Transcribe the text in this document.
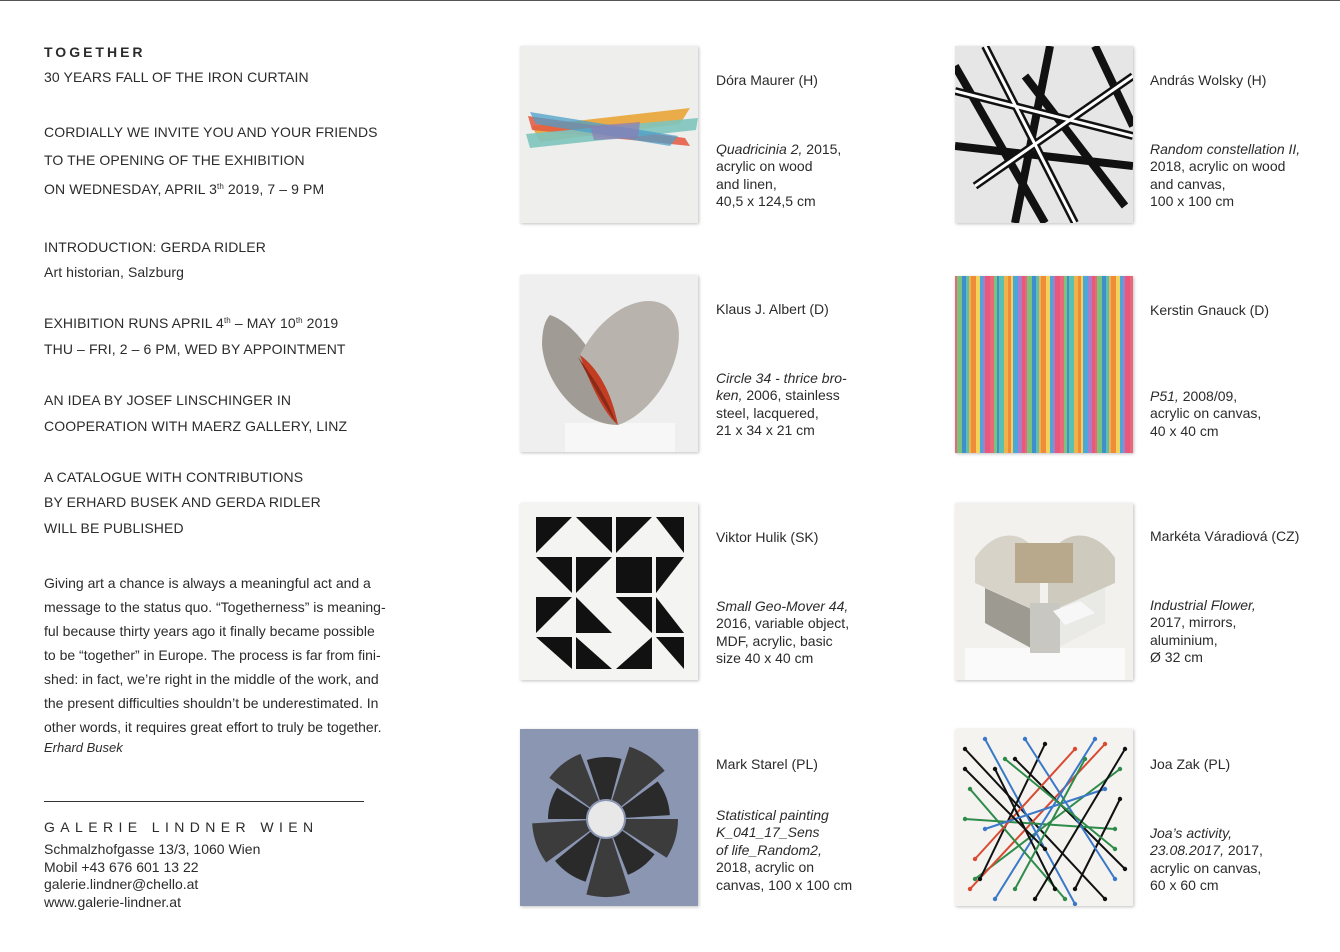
TOGETHER
30 YEARS FALL OF THE IRON CURTAIN
CORDIALLY WE INVITE YOU AND YOUR FRIENDS
TO THE OPENING OF THE EXHIBITION
ON WEDNESDAY, APRIL 3th 2019, 7 – 9 PM
INTRODUCTION: GERDA RIDLER
Art historian, Salzburg
EXHIBITION RUNS APRIL 4th – MAY 10th 2019
THU – FRI, 2 – 6 PM, WED BY APPOINTMENT
AN IDEA BY JOSEF LINSCHINGER IN
COOPERATION WITH MAERZ GALLERY, LINZ
A CATALOGUE WITH CONTRIBUTIONS
BY ERHARD BUSEK AND GERDA RIDLER
WILL BE PUBLISHED
Giving art a chance is always a meaningful act and a
message to the status quo. “Togetherness” is meaning-
ful because thirty years ago it finally became possible
to be “together” in Europe. The process is far from fini-
shed: in fact, we’re right in the middle of the work, and
the present difficulties shouldn’t be underestimated. In
other words, it requires great effort to truly be together.
Erhard Busek
GALERIE LINDNER WIEN
Schmalzhofgasse 13/3, 1060 Wien
Mobil +43 676 601 13 22
galerie.lindner@chello.at
www.galerie-lindner.at
Dóra Maurer (H)
Quadricinia 2, 2015,
acrylic on wood
and linen,
40,5 x 124,5 cm
András Wolsky (H)
Random constellation II,
2018, acrylic on wood
and canvas,
100 x 100 cm
Klaus J. Albert (D)
Circle 34 - thrice bro-
ken, 2006, stainless
steel, lacquered,
21 x 34 x 21 cm
Kerstin Gnauck (D)
P51, 2008/09,
acrylic on canvas,
40 x 40 cm
Viktor Hulik (SK)
Small Geo-Mover 44,
2016, variable object,
MDF, acrylic, basic
size 40 x 40 cm
Markéta Váradiová (CZ)
Industrial Flower,
2017, mirrors,
aluminium,
Ø 32 cm
Mark Starel (PL)
Statistical painting
K_041_17_Sens
of life_Random2,
2018, acrylic on
canvas, 100 x 100 cm
Joa Zak (PL)
Joa’s activity,
23.08.2017, 2017,
acrylic on canvas,
60 x 60 cm
